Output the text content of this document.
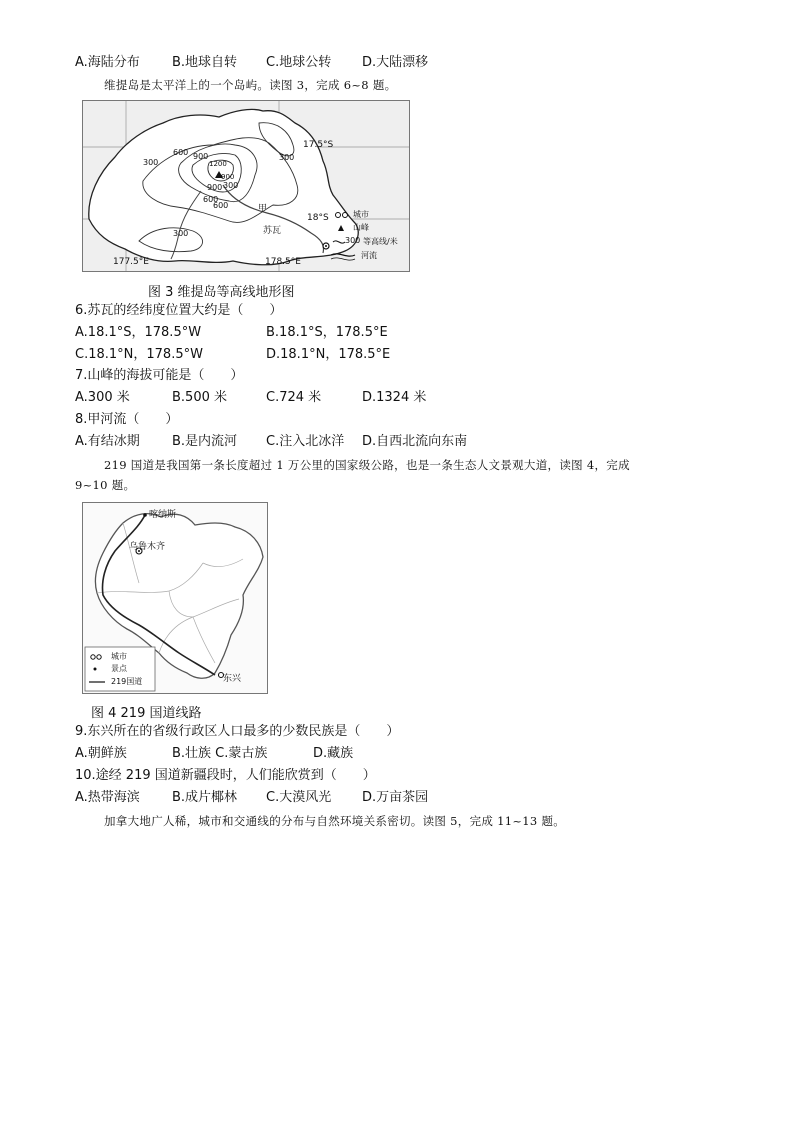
A.海陆分布 B.地球自转 C.地球公转 D.大陆漂移
维提岛是太平洋上的一个岛屿。读图 3，完成 6~8 题。
17.5°S
18°S
177.5°E	178.5°E
300
600 900
1200
900
600
300
300
600
900
300
甲
苏瓦
城市
山峰
300 等高线/米
河流
图 3 维提岛等高线地形图
6.苏瓦的经纬度位置大约是（　　）
A.18.1°S，178.5°W	B.18.1°S，178.5°E
C.18.1°N，178.5°W	D.18.1°N，178.5°E
7.山峰的海拔可能是（　　）
A.300 米	B.500 米	C.724 米	D.1324 米
8.甲河流（　　）
A.有结冰期 B.是内流河 C.注入北冰洋 D.自西北流向东南
219 国道是我国第一条长度超过 1 万公里的国家级公路，也是一条生态人文景观大道，读图 4，完成
9~10 题。
喀纳斯
乌鲁木齐
东兴
城市
景点
219国道
图 4 219 国道线路
9.东兴所在的省级行政区人口最多的少数民族是（　　）
A.朝鲜族	B.壮族 C.蒙古族	D.藏族
10.途经 219 国道新疆段时，人们能欣赏到（　　）
A.热带海滨 B.成片椰林 C.大漠风光 D.万亩茶园
加拿大地广人稀，城市和交通线的分布与自然环境关系密切。读图 5，完成 11~13 题。
